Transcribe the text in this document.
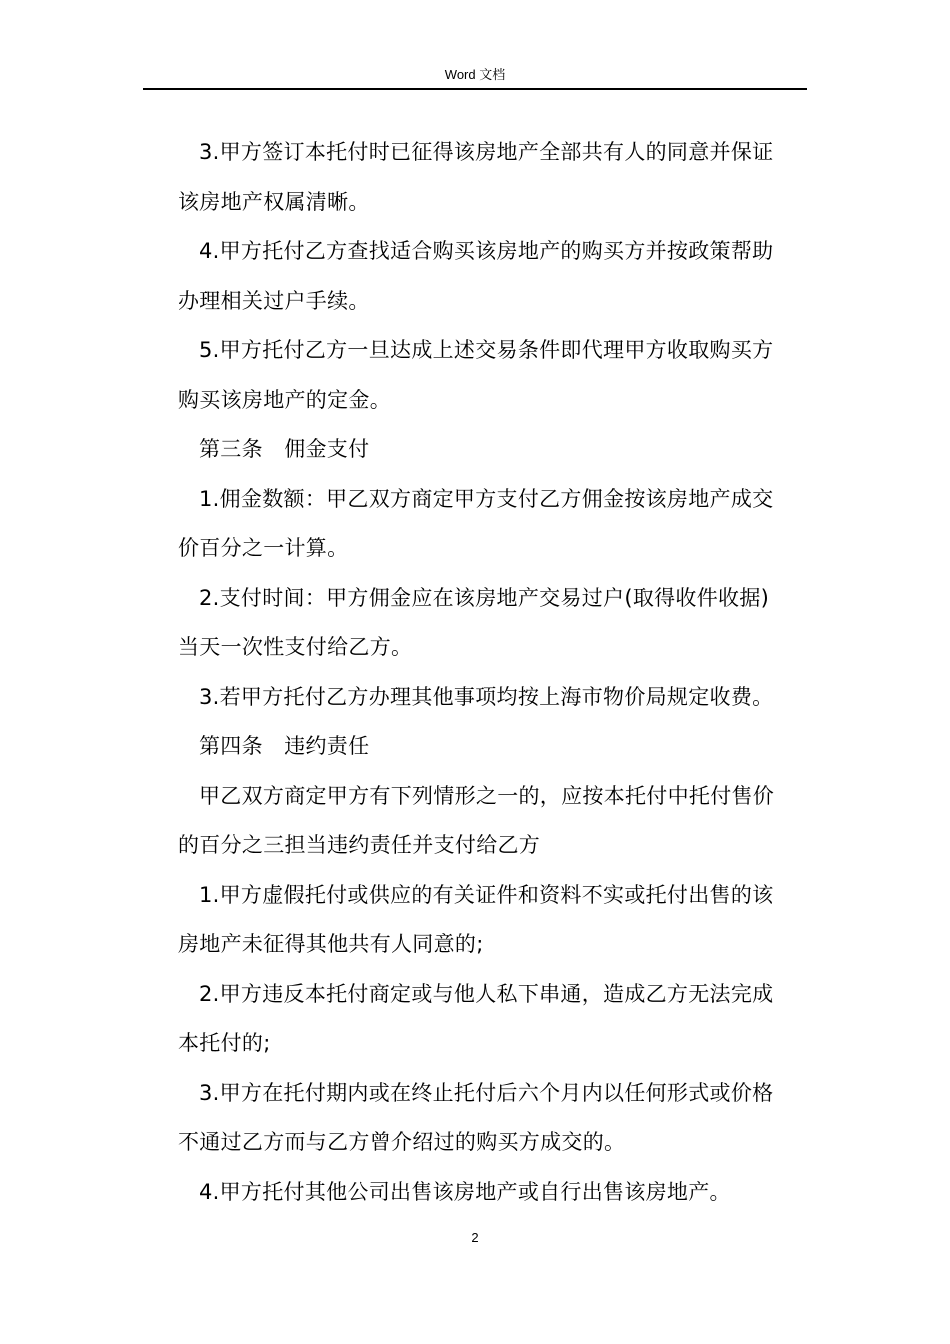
Word 文档

3.甲方签订本托付时已征得该房地产全部共有人的同意并保证
该房地产权属清晰。

4.甲方托付乙方查找适合购买该房地产的购买方并按政策帮助
办理相关过户手续。

5.甲方托付乙方一旦达成上述交易条件即代理甲方收取购买方
购买该房地产的定金。

第三条　佣金支付

1.佣金数额：甲乙双方商定甲方支付乙方佣金按该房地产成交
价百分之一计算。

2.支付时间：甲方佣金应在该房地产交易过户(取得收件收据)
当天一次性支付给乙方。

3.若甲方托付乙方办理其他事项均按上海市物价局规定收费。

第四条　违约责任

甲乙双方商定甲方有下列情形之一的，应按本托付中托付售价
的百分之三担当违约责任并支付给乙方

1.甲方虚假托付或供应的有关证件和资料不实或托付出售的该
房地产未征得其他共有人同意的;

2.甲方违反本托付商定或与他人私下串通，造成乙方无法完成
本托付的;

3.甲方在托付期内或在终止托付后六个月内以任何形式或价格
不通过乙方而与乙方曾介绍过的购买方成交的。

4.甲方托付其他公司出售该房地产或自行出售该房地产。

2
